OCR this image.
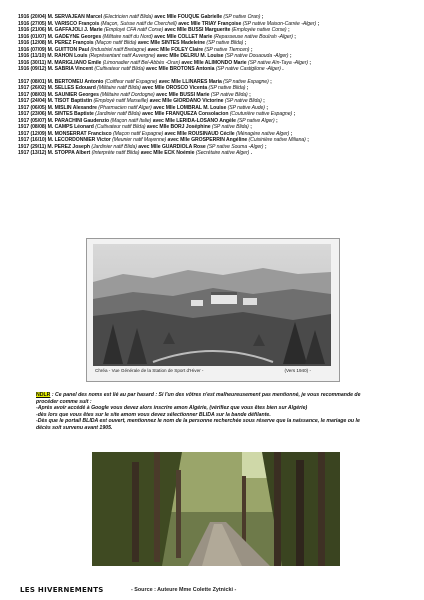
1916 (20/04) M. SERVAJEAN Marcel (Electricien natif Blida) avec Mlle FOUQUE Gabrielle (SP native Oran) ;
1916 (27/05) M. VARISCO François (Maçon, Suisse natif de Cherchell) avec Mlle TRIAY Françoise (SP native Maison-Carrée -Alger) ;
1916 (21/06) M. GAFFAJOLI J. Marie (Employé CFA natif Corse) avec Mlle BUSSI Marguerite (Employée native Corse) ;
1916 (01/07) M. GADEYNE Georges (Militaire natif du Nord) avec Mlle COLLET Marie (Repasseuse native Bouïrah -Alger) ;
1916 (12/08) M. PEREZ François (Maçon natif Blida) avec Mlle SINTES Madeleine (SP native Blida) ;
1916 (07/09) M. GUITTON Paul (Industriel natif Bretagne) avec Mlle FOLÉY Claire (SP native Tlemcen) ;
1916 (11/10) M. RAHON Louis (Représentant natif Auvergne) avec Mlle DELRIU M. Louise (SP native Douaouda -Alger) ;
1916 (30/11) M. MARIGLIANO Emile (Limonadier natif Bel-Abbès -Oran) avec Mlle ALIMONDO Marie (SP native Aïn-Taya -Alger) ;
1916 (09/12) M. SABRIA Vincent (Cultivateur natif Blida) avec Mlle BROTONS Antonia (SP native Castiglione -Alger) .
1917 (08/01) M. BERTOMEU Antonio (Coiffeur natif Espagne) avec Mlle LLINARES Maria (SP native Espagne) ;
1917 (26/02) M. SELLES Edouard (Militaire natif Blida) avec Mlle OROSCO Vicenta (SP native Blida) ;
1917 (08/03) M. SAUNIER Georges (Militaire natif Dordogne) avec Mlle BUSSI Marie (SP native Blida) ;
1917 (24/04) M. TISOT Baptistin (Employé natif Marseille) avec Mlle GIORDANO Victorine (SP native Blida) ;
1917 (06/05) M. MISLIN Alexandre (Pharmacien natif Alger) avec Mlle LOMBRAL M. Louise (SP native Aude) ;
1917 (23/06) M. SINTES Baptiste (Jardinier natif Blida) avec Mlle FRANQUEZA Consolacion (Couturière native Espagne) ;
1917 (05/07) M. PARACHINI Gaudenzio (Maçon natif Italie) avec Mlle LERIDA-LOSANO Angèle (SP native Alger) ;
1917 (08/08) M. CAMPS Léonard (Cultivateur natif Blida) avec Mlle BORJ Joséphine (SP native Blida) ;
1917 (12/09) M. MONSERRAT Francisco (Maçon natif Espagne) avec Mlle ROUSINAUD Cécile (Ménagère native Alger) ;
1917 (16/10) M. LECORDONNIER Victor (Meunier natif Mayenne) avec Mlle GROSPERRIN Angéline (Cuisinière native Miliana) ;
1917 (29/11) M. PEREZ Joseph (Jardinier natif Blida) avec Mlle GUARDIOLA Rose (SP native Souma -Alger) ;
1917 (13/12) M. STOPPA Albert (Interprète natif Blida) avec Mlle ECK Noémie (Secrétaire native Alger) .
Chréa - Vue Générale de la Station de Sport d'Hiver -	(Vers 1940) -

NDLR : Ce panel des noms est lié au par hasard : Si l'un des vôtres n'est malheureusement pas mentionné, je vous recommande de

procéder comme suit :

-Après avoir accédé à Google vous devez alors inscrire amon Algérie, (vérifiez que vous êtes bien sur Algérie)

-dès lors que vous êtes sur le site amom vous devez sélectionner BLIDA sur la bande défilante.

-Dès que le portail BLIDA est ouvert, mentionnez le nom de la personne recherchée sous réserve que la naissance, le mariage ou le

décès soit survenu avant 1905.

LES HIVERNEMENTS	- Source : Auteure Mme Colette Zytnicki -
